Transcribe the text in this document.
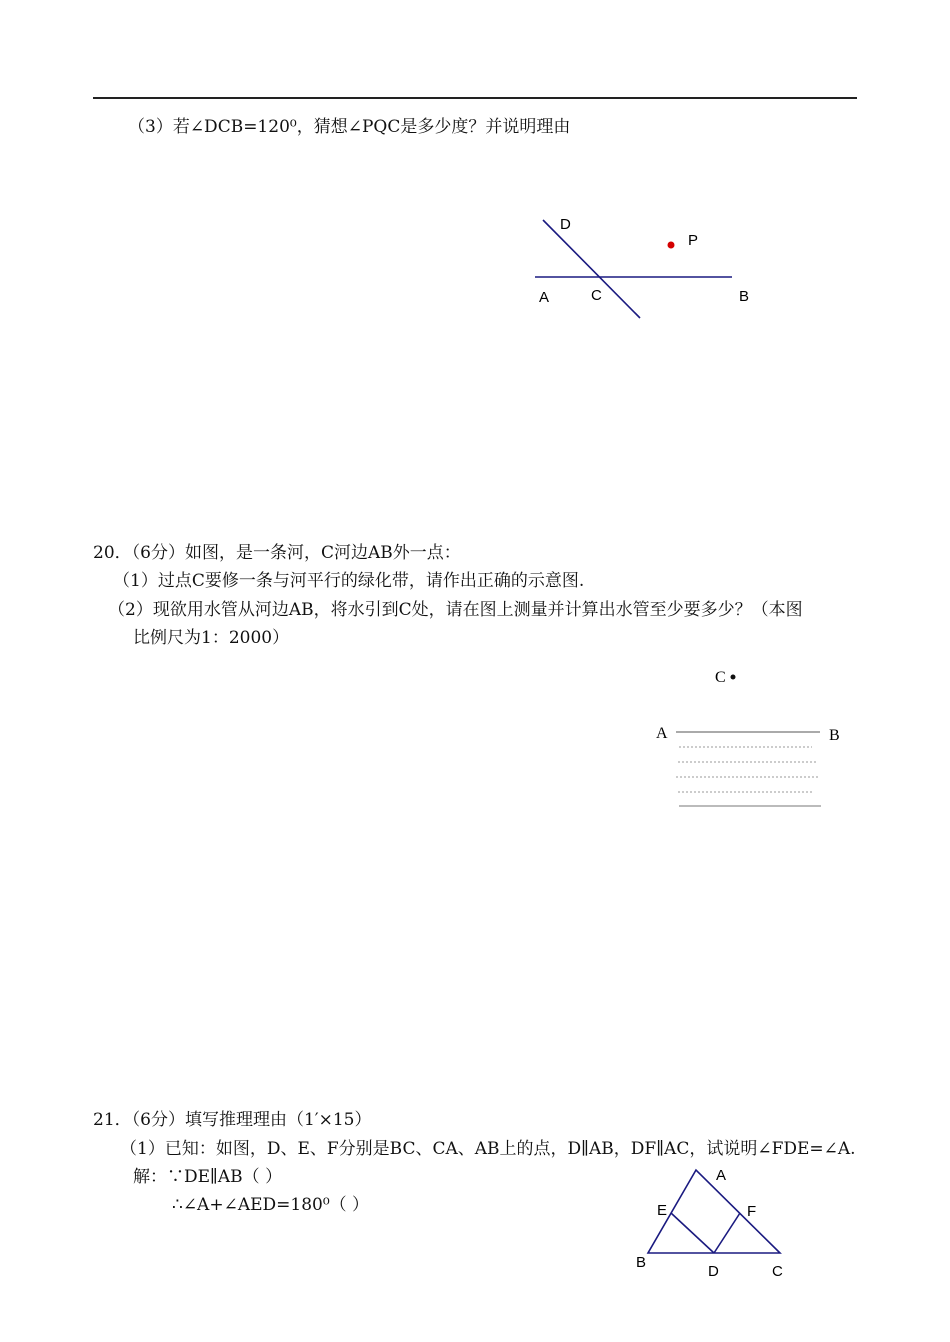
（3）若∠DCB=120⁰，猜想∠PQC是多少度？并说明理由
D
P
A	C	B
20．（6分）如图，是一条河，C河边AB外一点：
（1）过点C要修一条与河平行的绿化带，请作出正确的示意图.
（2）现欲用水管从河边AB，将水引到C处，请在图上测量并计算出水管至少要多少？（本图
比例尺为1：2000）
C
A	B
21．（6分）填写推理理由（1′×15）
（1）已知：如图，D、E、F分别是BC、CA、AB上的点，D∥AB，DF∥AC，试说明∠FDE=∠A.
解：∵DE∥AB（ ）
∴∠A+∠AED=180⁰（ ）
A
E	F
B
D	C
